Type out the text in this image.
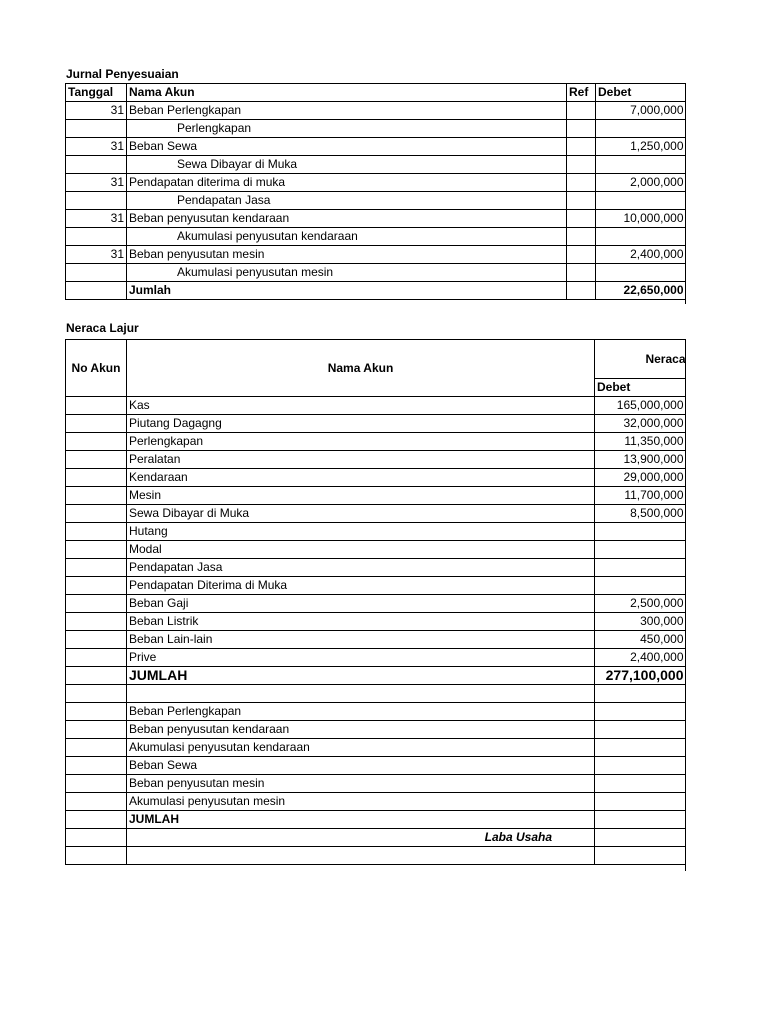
Jurnal Penyesuaian
Tanggal	Nama Akun	Ref	Debet
31	Beban Perlengkapan		7,000,000
	Perlengkapan		
31	Beban Sewa		1,250,000
	Sewa Dibayar di Muka		
31	Pendapatan diterima di muka		2,000,000
	Pendapatan Jasa		
31	Beban penyusutan kendaraan		10,000,000
	Akumulasi penyusutan kendaraan		
31	Beban penyusutan mesin		2,400,000
	Akumulasi penyusutan mesin		
	Jumlah		22,650,000
Neraca Lajur
No Akun	Nama Akun	Neraca
		Debet
	Kas	165,000,000
	Piutang Dagagng	32,000,000
	Perlengkapan	11,350,000
	Peralatan	13,900,000
	Kendaraan	29,000,000
	Mesin	11,700,000
	Sewa Dibayar di Muka	8,500,000
	Hutang	
	Modal	
	Pendapatan Jasa	
	Pendapatan Diterima di Muka	
	Beban Gaji	2,500,000
	Beban Listrik	300,000
	Beban Lain-lain	450,000
	Prive	2,400,000
	JUMLAH	277,100,000

	Beban Perlengkapan	
	Beban penyusutan kendaraan	
	Akumulasi penyusutan kendaraan	
	Beban Sewa	
	Beban penyusutan mesin	
	Akumulasi penyusutan mesin	
	JUMLAH	
	Laba Usaha	
